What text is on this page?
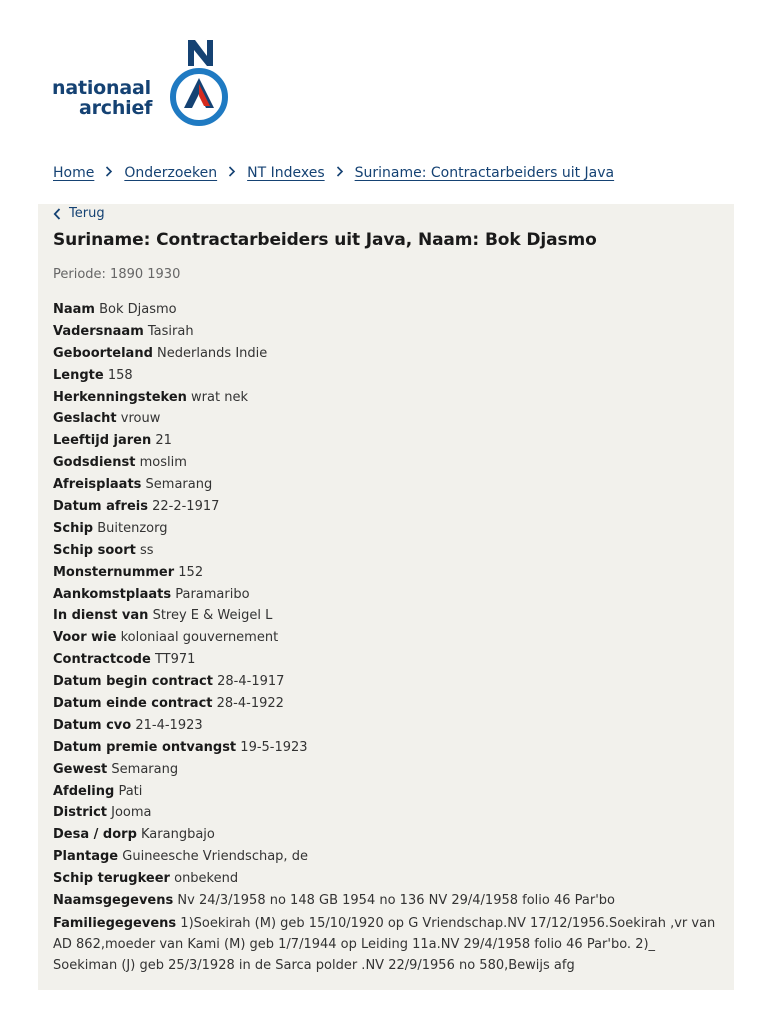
nationaal
archief
Home Onderzoeken NT Indexes Suriname: Contractarbeiders uit Java
Terug
Suriname: Contractarbeiders uit Java, Naam: Bok Djasmo
Periode: 1890 1930
Naam Bok Djasmo
Vadersnaam Tasirah
Geboorteland Nederlands Indie
Lengte 158
Herkenningsteken wrat nek
Geslacht vrouw
Leeftijd jaren 21
Godsdienst moslim
Afreisplaats Semarang
Datum afreis 22-2-1917
Schip Buitenzorg
Schip soort ss
Monsternummer 152
Aankomstplaats Paramaribo
In dienst van Strey E & Weigel L
Voor wie koloniaal gouvernement
Contractcode TT971
Datum begin contract 28-4-1917
Datum einde contract 28-4-1922
Datum cvo 21-4-1923
Datum premie ontvangst 19-5-1923
Gewest Semarang
Afdeling Pati
District Jooma
Desa / dorp Karangbajo
Plantage Guineesche Vriendschap, de
Schip terugkeer onbekend
Naamsgegevens Nv 24/3/1958 no 148 GB 1954 no 136 NV 29/4/1958 folio 46 Par'bo
Familiegegevens 1)Soekirah (M) geb 15/10/1920 op G Vriendschap.NV 17/12/1956.Soekirah ,vr van AD 862,moeder van Kami (M) geb 1/7/1944 op Leiding 11a.NV 29/4/1958 folio 46 Par'bo. 2)_ Soekiman (J) geb 25/3/1928 in de Sarca polder .NV 22/9/1956 no 580,Bewijs afg
